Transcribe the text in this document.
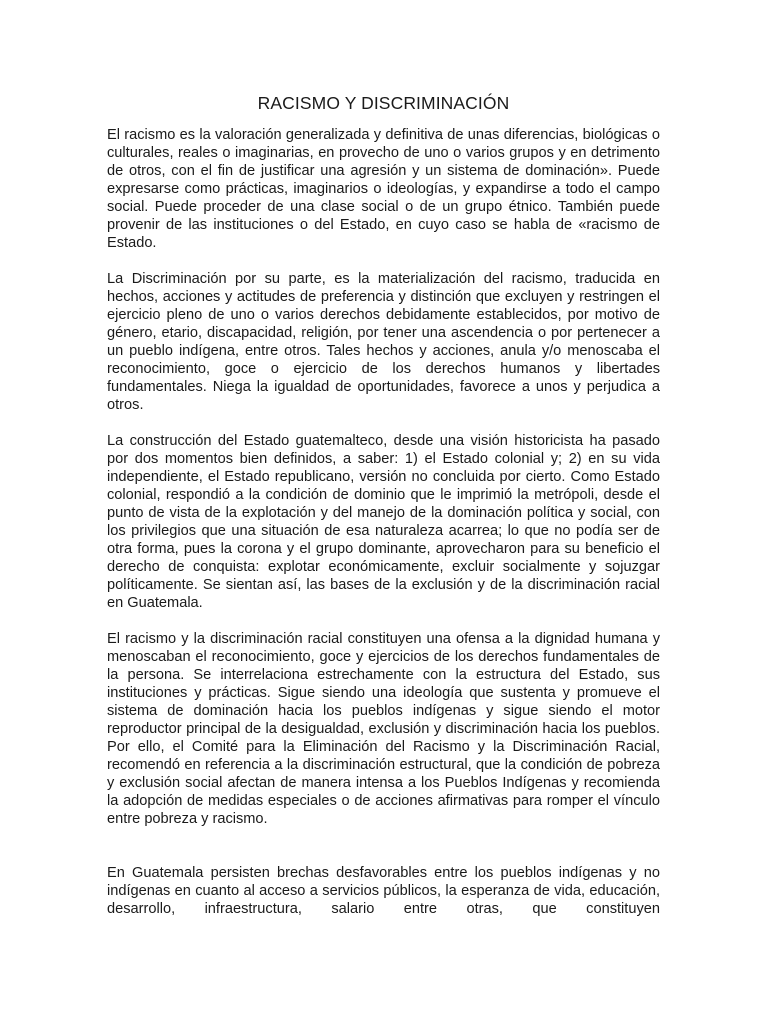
RACISMO Y DISCRIMINACIÓN

El racismo es la valoración generalizada y definitiva de unas diferencias, biológicas o culturales, reales o imaginarias, en provecho de uno o varios grupos y en detrimento de otros, con el fin de justificar una agresión y un sistema de dominación». Puede expresarse como prácticas, imaginarios o ideologías, y expandirse a todo el campo social. Puede proceder de una clase social o de un grupo étnico. También puede provenir de las instituciones o del Estado, en cuyo caso se habla de «racismo de Estado.

La Discriminación por su parte, es la materialización del racismo, traducida en hechos, acciones y actitudes de preferencia y distinción que excluyen y restringen el ejercicio pleno de uno o varios derechos debidamente establecidos, por motivo de género, etario, discapacidad, religión, por tener una ascendencia o por pertenecer a un pueblo indígena, entre otros. Tales hechos y acciones, anula y/o menoscaba el reconocimiento, goce o ejercicio de los derechos humanos y libertades fundamentales. Niega la igualdad de oportunidades, favorece a unos y perjudica a otros.

La construcción del Estado guatemalteco, desde una visión historicista ha pasado por dos momentos bien definidos, a saber: 1) el Estado colonial y; 2) en su vida independiente, el Estado republicano, versión no concluida por cierto. Como Estado colonial, respondió a la condición de dominio que le imprimió la metrópoli, desde el punto de vista de la explotación y del manejo de la dominación política y social, con los privilegios que una situación de esa naturaleza acarrea; lo que no podía ser de otra forma, pues la corona y el grupo dominante, aprovecharon para su beneficio el derecho de conquista: explotar económicamente, excluir socialmente y sojuzgar políticamente. Se sientan así, las bases de la exclusión y de la discriminación racial en Guatemala.

El racismo y la discriminación racial constituyen una ofensa a la dignidad humana y menoscaban el reconocimiento, goce y ejercicios de los derechos fundamentales de la persona. Se interrelaciona estrechamente con la estructura del Estado, sus instituciones y prácticas. Sigue siendo una ideología que sustenta y promueve el sistema de dominación hacia los pueblos indígenas y sigue siendo el motor reproductor principal de la desigualdad, exclusión y discriminación hacia los pueblos. Por ello, el Comité para la Eliminación del Racismo y la Discriminación Racial, recomendó en referencia a la discriminación estructural, que la condición de pobreza y exclusión social afectan de manera intensa a los Pueblos Indígenas y recomienda la adopción de medidas especiales o de acciones afirmativas para romper el vínculo entre pobreza y racismo.

En Guatemala persisten brechas desfavorables entre los pueblos indígenas y no indígenas en cuanto al acceso a servicios públicos, la esperanza de vida, educación, desarrollo, infraestructura, salario entre otras, que constituyen
